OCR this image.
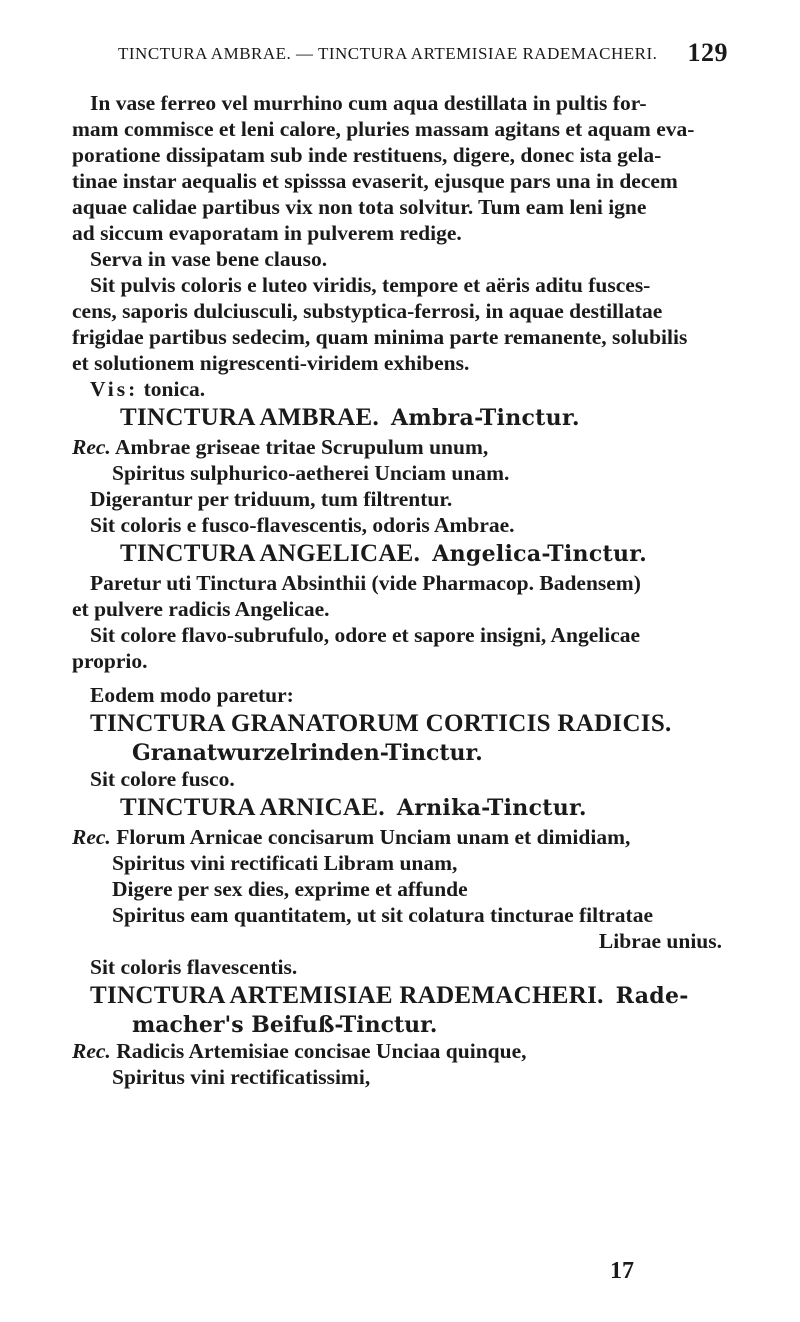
TINCTURA AMBRAE. — TINCTURA ARTEMISIAE RADEMACHERI. 129

In vase ferreo vel murrhino cum aqua destillata in pultis for-
mam commisce et leni calore, pluries massam agitans et aquam eva-
poratione dissipatam sub inde restituens, digere, donec ista gela-
tinae instar aequalis et spisssa evaserit, ejusque pars una in decem
aquae calidae partibus vix non tota solvitur. Tum eam leni igne
ad siccum evaporatam in pulverem redige.

Serva in vase bene clauso.

Sit pulvis coloris e luteo viridis, tempore et aëris aditu fusces-
cens, saporis dulciusculi, substyptica-ferrosi, in aquae destillatae
frigidae partibus sedecim, quam minima parte remanente, solubilis
et solutionem nigrescenti-viridem exhibens.

Vis: tonica.

TINCTURA AMBRAE. Ambra-Tinctur.

Rec. Ambrae griseae tritae Scrupulum unum,

Spiritus sulphurico-aetherei Unciam unam.

Digerantur per triduum, tum filtrentur.

Sit coloris e fusco-flavescentis, odoris Ambrae.

TINCTURA ANGELICAE. Angelica-Tinctur.

Paretur uti Tinctura Absinthii (vide Pharmacop. Badensem)
et pulvere radicis Angelicae.

Sit colore flavo-subrufulo, odore et sapore insigni, Angelicae
proprio.

Eodem modo paretur:

TINCTURA GRANATORUM CORTICIS RADICIS.

Granatwurzelrinden-Tinctur.

Sit colore fusco.

TINCTURA ARNICAE. Arnika-Tinctur.

Rec. Florum Arnicae concisarum Unciam unam et dimidiam,

Spiritus vini rectificati Libram unam,

Digere per sex dies, exprime et affunde

Spiritus eam quantitatem, ut sit colatura tincturae filtratae

Librae unius.

Sit coloris flavescentis.

TINCTURA ARTEMISIAE RADEMACHERI. Rade-

macher's Beifuß-Tinctur.

Rec. Radicis Artemisiae concisae Unciaa quinque,

Spiritus vini rectificatissimi,

17
